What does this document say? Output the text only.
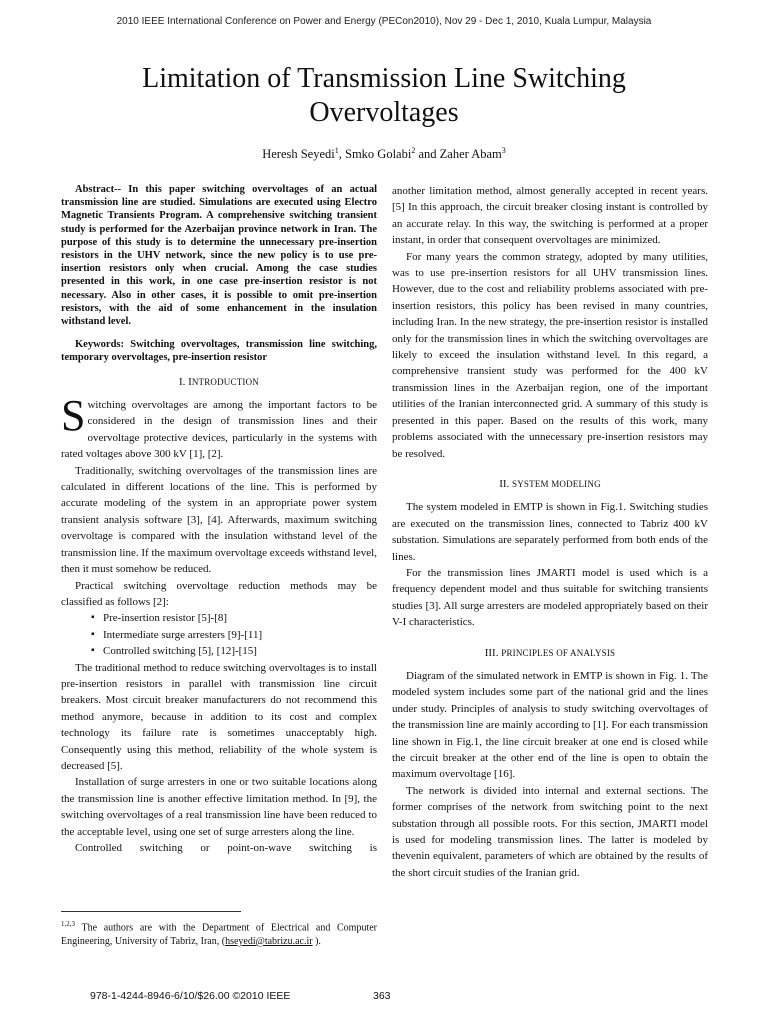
2010 IEEE International Conference on Power and Energy (PECon2010), Nov 29 - Dec 1, 2010, Kuala Lumpur, Malaysia
Limitation of Transmission Line Switching
Overvoltages
Heresh Seyedi$^1$, Smko Golabi$^2$ and Zaher Abam$^3$

Abstract-- In this paper switching overvoltages of an actual transmission line are studied. Simulations are executed using Electro Magnetic Transients Program. A comprehensive switching transient study is performed for the Azerbaijan province network in Iran. The purpose of this study is to determine the unnecessary pre-insertion resistors in the UHV network, since the new policy is to use pre-insertion resistors only when crucial. Among the case studies presented in this work, in one case pre-insertion resistor is not necessary. Also in other cases, it is possible to omit pre-insertion resistors, with the aid of some enhancement in the insulation withstand level.

Keywords: Switching overvoltages, transmission line switching, temporary overvoltages, pre-insertion resistor

I. INTRODUCTION

Switching overvoltages are among the important factors to be considered in the design of transmission lines and their overvoltage protective devices, particularly in the systems with rated voltages above 300 kV [1], [2].

Traditionally, switching overvoltages of the transmission lines are calculated in different locations of the line. This is performed by accurate modeling of the system in an appropriate power system transient analysis software [3], [4]. Afterwards, maximum switching overvoltage is compared with the insulation withstand level of the transmission line. If the maximum overvoltage exceeds withstand level, then it must somehow be reduced.

Practical switching overvoltage reduction methods may be classified as follows [2]:

▪ Pre-insertion resistor [5]-[8]
▪ Intermediate surge arresters [9]-[11]
▪ Controlled switching [5], [12]-[15]

The traditional method to reduce switching overvoltages is to install pre-insertion resistors in parallel with transmission line circuit breakers. Most circuit breaker manufacturers do not recommend this method anymore, because in addition to its cost and complex technology its failure rate is sometimes unacceptably high. Consequently using this method, reliability of the whole system is decreased [5].

Installation of surge arresters in one or two suitable locations along the transmission line is another effective limitation method. In [9], the switching overvoltages of a real transmission line have been reduced to the acceptable level, using one set of surge arresters along the line.

Controlled switching or point-on-wave switching is

$^{1,2,3}$ The authors are with the Department of Electrical and Computer Engineering, University of Tabriz, Iran, (hseyedi@tabrizu.ac.ir ).

another limitation method, almost generally accepted in recent years. [5] In this approach, the circuit breaker closing instant is controlled by an accurate relay. In this way, the switching is performed at a proper instant, in order that consequent overvoltages are minimized.

For many years the common strategy, adopted by many utilities, was to use pre-insertion resistors for all UHV transmission lines. However, due to the cost and reliability problems associated with pre-insertion resistors, this policy has been revised in many countries, including Iran. In the new strategy, the pre-insertion resistor is installed only for the transmission lines in which the switching overvoltages are likely to exceed the insulation withstand level. In this regard, a comprehensive transient study was performed for the 400 kV transmission lines in the Azerbaijan region, one of the important utilities of the Iranian interconnected grid. A summary of this study is presented in this paper. Based on the results of this work, many problems associated with the unnecessary pre-insertion resistors may be resolved.

II. SYSTEM MODELING

The system modeled in EMTP is shown in Fig.1. Switching studies are executed on the transmission lines, connected to Tabriz 400 kV substation. Simulations are separately performed from both ends of the lines.

For the transmission lines JMARTI model is used which is a frequency dependent model and thus suitable for switching transients studies [3]. All surge arresters are modeled appropriately based on their V-I characteristics.

III. PRINCIPLES OF ANALYSIS

Diagram of the simulated network in EMTP is shown in Fig. 1. The modeled system includes some part of the national grid and the lines under study. Principles of analysis to study switching overvoltages of the transmission line are mainly according to [1]. For each transmission line shown in Fig.1, the line circuit breaker at one end is closed while the circuit breaker at the other end of the line is open to obtain the maximum overvoltage [16].

The network is divided into internal and external sections. The former comprises of the network from switching point to the next substation through all possible roots. For this section, JMARTI model is used for modeling transmission lines. The latter is modeled by thevenin equivalent, parameters of which are obtained by the results of the short circuit studies of the Iranian grid.

978-1-4244-8946-6/10/$26.00 ©2010 IEEE	363
